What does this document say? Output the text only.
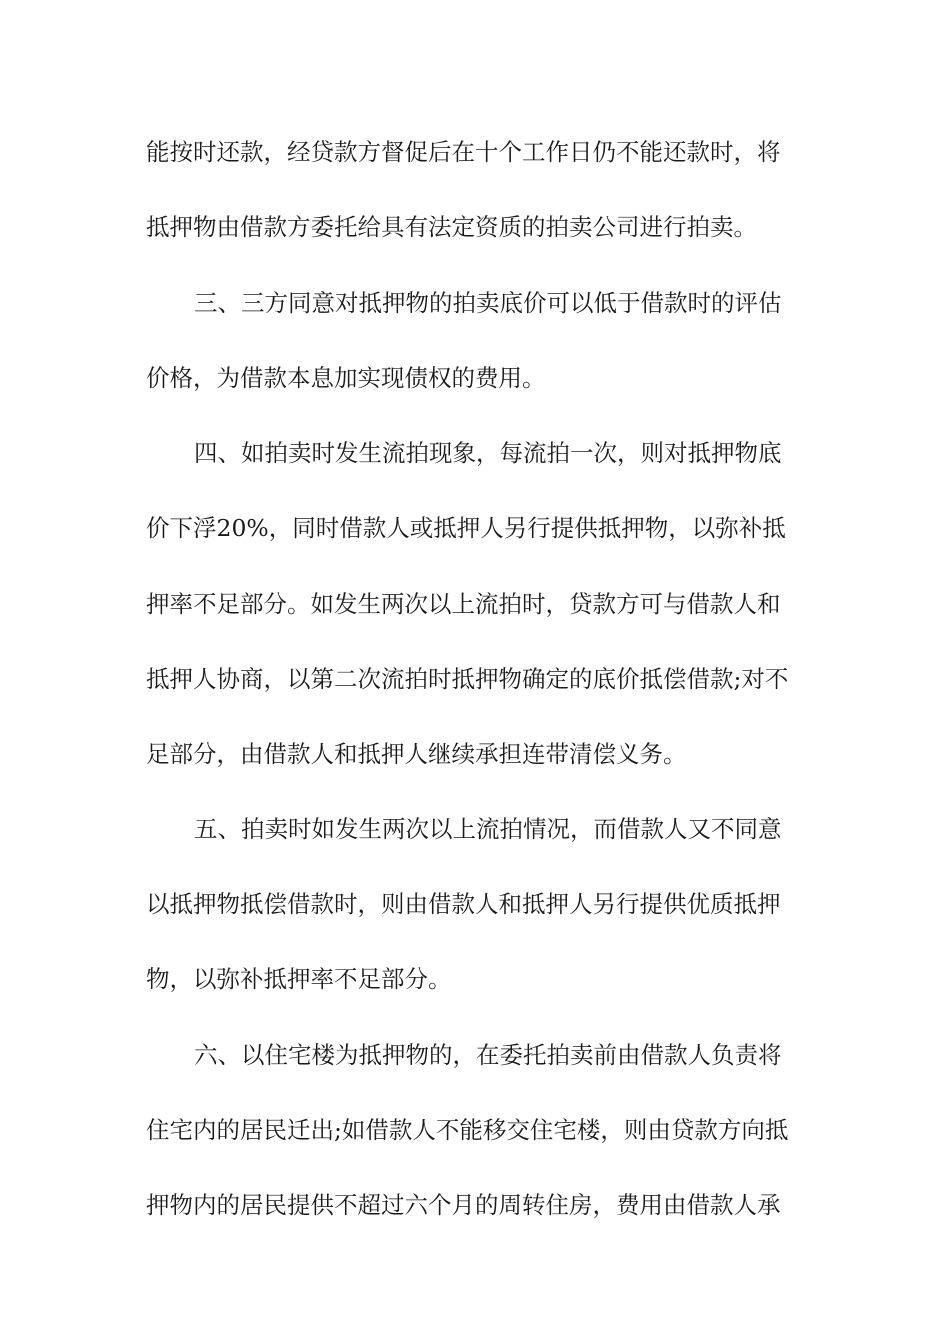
能按时还款，经贷款方督促后在十个工作日仍不能还款时，将
抵押物由借款方委托给具有法定资质的拍卖公司进行拍卖。
三、三方同意对抵押物的拍卖底价可以低于借款时的评估
价格，为借款本息加实现债权的费用。
四、如拍卖时发生流拍现象，每流拍一次，则对抵押物底
价下浮20%，同时借款人或抵押人另行提供抵押物，以弥补抵
押率不足部分。如发生两次以上流拍时，贷款方可与借款人和
抵押人协商，以第二次流拍时抵押物确定的底价抵偿借款;对不
足部分，由借款人和抵押人继续承担连带清偿义务。
五、拍卖时如发生两次以上流拍情况，而借款人又不同意
以抵押物抵偿借款时，则由借款人和抵押人另行提供优质抵押
物，以弥补抵押率不足部分。
六、以住宅楼为抵押物的，在委托拍卖前由借款人负责将
住宅内的居民迁出;如借款人不能移交住宅楼，则由贷款方向抵
押物内的居民提供不超过六个月的周转住房，费用由借款人承
